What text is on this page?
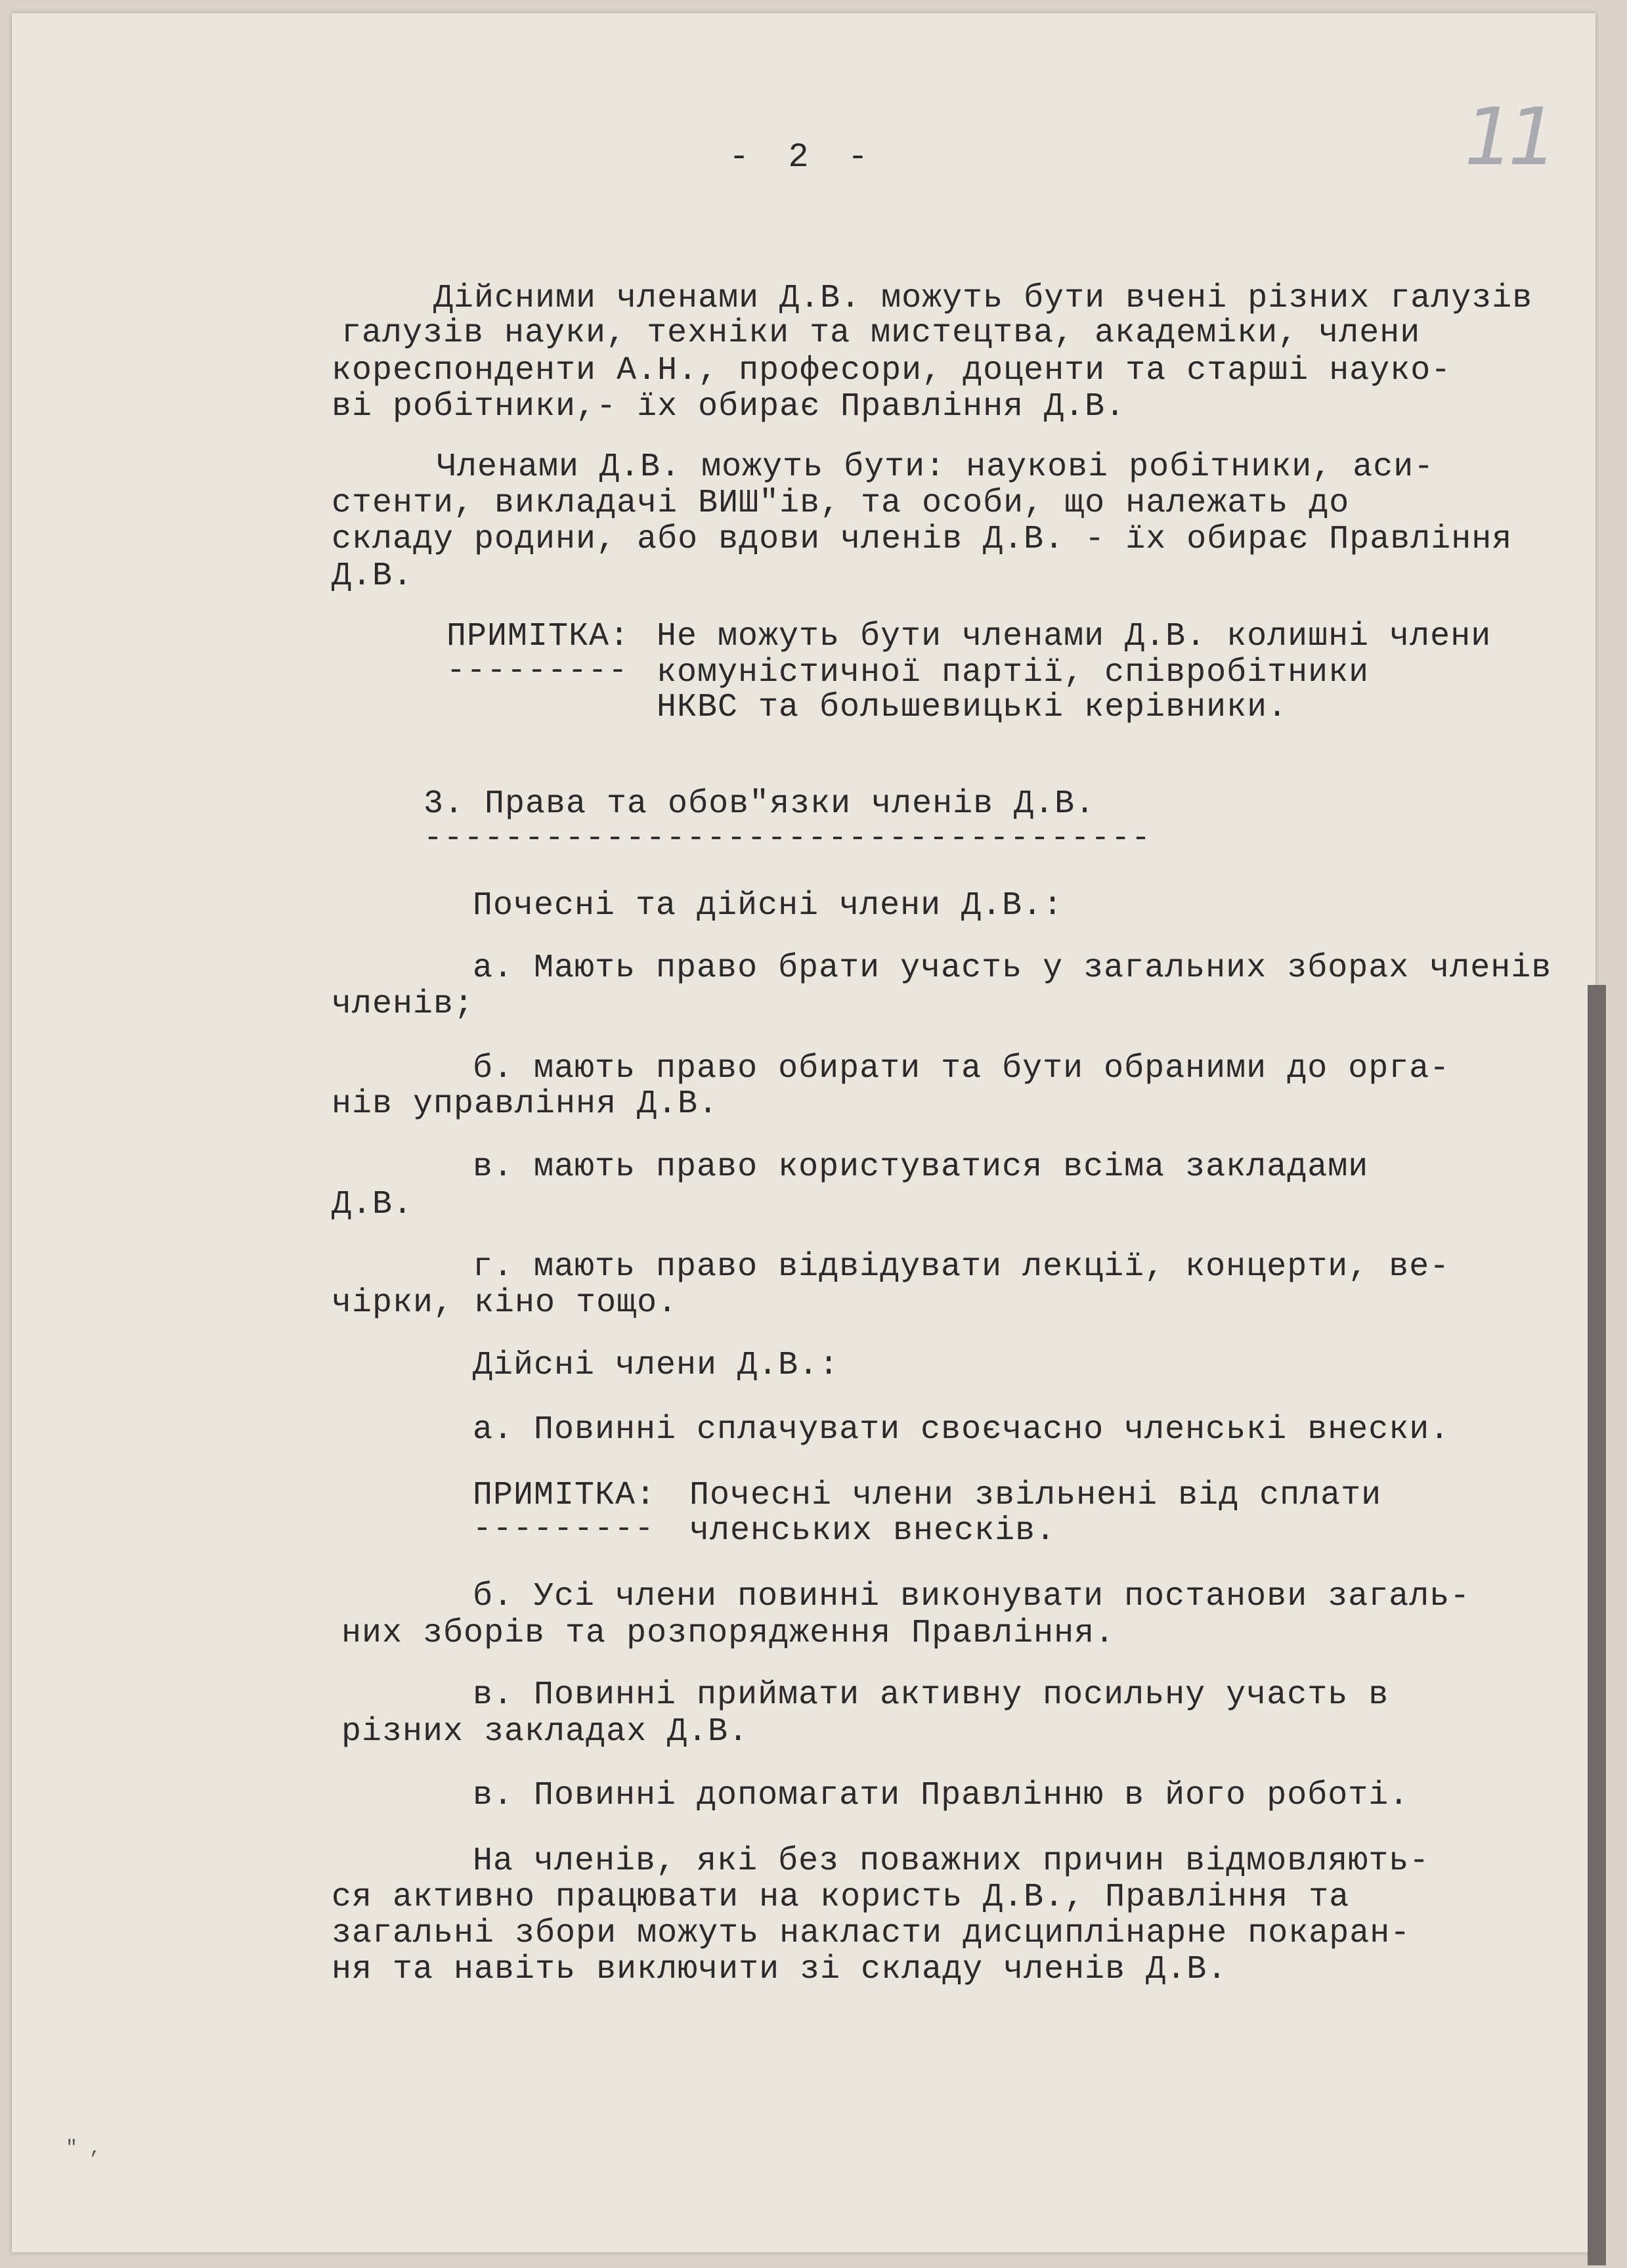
11
- 2 -
Дійсними членами Д.В. можуть бути вчені різних галузів
галузів науки, техніки та мистецтва, академіки, члени
кореспонденти А.Н., професори, доценти та старші науко-
ві робітники,- їх обирає Правління Д.В.
Членами Д.В. можуть бути: наукові робітники, аси-
стенти, викладачі ВИШ"ів, та особи, що належать до
складу родини, або вдови членів Д.В. - їх обирає Правління
Д.В.
ПРИМІТКА:
---------
Не можуть бути членами Д.В. колишні члени
комуністичної партії, співробітники
НКВС та большевицькі керівники.
3. Права та обов"язки членів Д.В.
------------------------------------
Почесні та дійсні члени Д.В.:
а. Мають право брати участь у загальних зборах членів
членів;
б. мають право обирати та бути обраними до орга-
нів управління Д.В.
в. мають право користуватися всіма закладами
Д.В.
г. мають право відвідувати лекції, концерти, ве-
чірки, кіно тощо.
Дійсні члени Д.В.:
а. Повинні сплачувати своєчасно членські внески.
ПРИМІТКА:
---------
Почесні члени звільнені від сплати
членських внесків.
б. Усі члени повинні виконувати постанови загаль-
них зборів та розпорядження Правління.
в. Повинні приймати активну посильну участь в
різних закладах Д.В.
в. Повинні допомагати Правлінню в його роботі.
На членів, які без поважних причин відмовляють-
ся активно працювати на користь Д.В., Правління та
загальні збори можуть накласти дисциплінарне покаран-
ня та навіть виключити зі складу членів Д.В.
" ,
